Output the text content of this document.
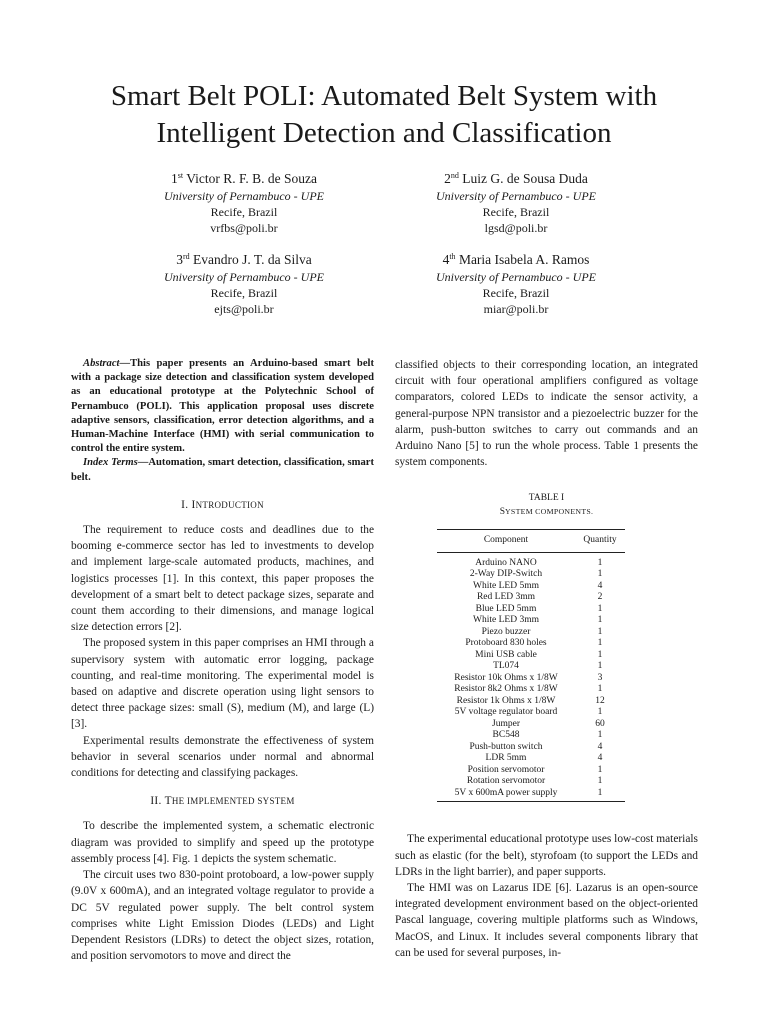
Smart Belt POLI: Automated Belt System with
Intelligent Detection and Classification
1st Victor R. F. B. de Souza
University of Pernambuco - UPE
Recife, Brazil
vrfbs@poli.br
2nd Luiz G. de Sousa Duda
University of Pernambuco - UPE
Recife, Brazil
lgsd@poli.br
3rd Evandro J. T. da Silva
University of Pernambuco - UPE
Recife, Brazil
ejts@poli.br
4th Maria Isabela A. Ramos
University of Pernambuco - UPE
Recife, Brazil
miar@poli.br

Abstract—This paper presents an Arduino-based smart belt with a package size detection and classification system developed as an educational prototype at the Polytechnic School of Pernambuco (POLI). This application proposal uses discrete adaptive sensors, classification, error detection algorithms, and a Human-Machine Interface (HMI) with serial communication to control the entire system.

Index Terms—Automation, smart detection, classification, smart belt.

I. INTRODUCTION

The requirement to reduce costs and deadlines due to the booming e-commerce sector has led to investments to develop and implement large-scale automated products, machines, and logistics processes [1]. In this context, this paper proposes the development of a smart belt to detect package sizes, separate and count them according to their dimensions, and manage logical size detection errors [2].

The proposed system in this paper comprises an HMI through a supervisory system with automatic error logging, package counting, and real-time monitoring. The experimental model is based on adaptive and discrete operation using light sensors to detect three package sizes: small (S), medium (M), and large (L) [3].

Experimental results demonstrate the effectiveness of system behavior in several scenarios under normal and abnormal conditions for detecting and classifying packages.

II. THE IMPLEMENTED SYSTEM

To describe the implemented system, a schematic electronic diagram was provided to simplify and speed up the prototype assembly process [4]. Fig. 1 depicts the system schematic.

The circuit uses two 830-point protoboard, a low-power supply (9.0V x 600mA), and an integrated voltage regulator to provide a DC 5V regulated power supply. The belt control system comprises white Light Emission Diodes (LEDs) and Light Dependent Resistors (LDRs) to detect the object sizes, rotation, and position servomotors to move and direct the

classified objects to their corresponding location, an integrated circuit with four operational amplifiers configured as voltage comparators, colored LEDs to indicate the sensor activity, a general-purpose NPN transistor and a piezoelectric buzzer for the alarm, push-button switches to carry out commands and an Arduino Nano [5] to run the whole process. Table 1 presents the system components.

TABLE I

SYSTEM COMPONENTS.

Component	Quantity
Arduino NANO	1
2-Way DIP-Switch	1
White LED 5mm	4
Red LED 3mm	2
Blue LED 5mm	1
White LED 3mm	1
Piezo buzzer	1
Protoboard 830 holes	1
Mini USB cable	1
TL074	1
Resistor 10k Ohms x 1/8W	3
Resistor 8k2 Ohms x 1/8W	1
Resistor 1k Ohms x 1/8W	12
5V voltage regulator board	1
Jumper	60
BC548	1
Push-button switch	4
LDR 5mm	4
Position servomotor	1
Rotation servomotor	1
5V x 600mA power supply	1

The experimental educational prototype uses low-cost materials such as elastic (for the belt), styrofoam (to support the LEDs and LDRs in the light barrier), and paper supports.

The HMI was on Lazarus IDE [6]. Lazarus is an open-source integrated development environment based on the object-oriented Pascal language, covering multiple platforms such as Windows, MacOS, and Linux. It includes several components library that can be used for several purposes, in-
